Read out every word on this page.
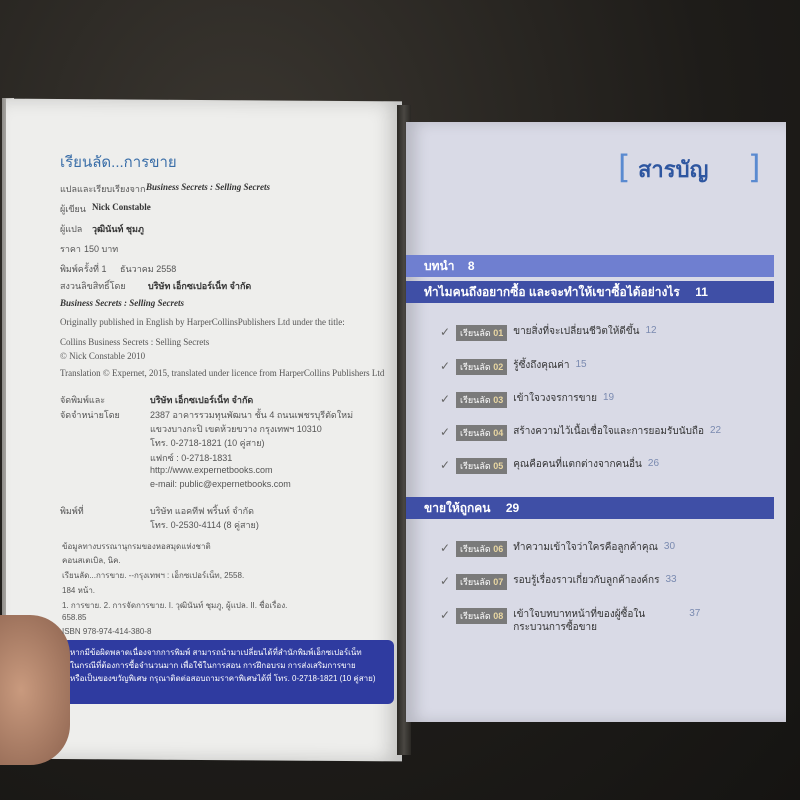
เรียนลัด...การขาย
แปลและเรียบเรียงจาก Business Secrets : Selling Secrets
ผู้เขียน Nick Constable
ผู้แปล วุฒินันท์ ชุมภู
ราคา 150 บาท
พิมพ์ครั้งที่ 1 ธันวาคม 2558
สงวนลิขสิทธิ์โดย บริษัท เอ็กซเปอร์เน็ท จำกัด
Business Secrets : Selling Secrets
Originally published in English by HarperCollinsPublishers Ltd under the title:
Collins Business Secrets : Selling Secrets
© Nick Constable 2010
Translation © Expernet, 2015, translated under licence from HarperCollins Publishers Ltd
จัดพิมพ์และ
จัดจำหน่ายโดย
บริษัท เอ็กซเปอร์เน็ท จำกัด
2387 อาคารรวมทุนพัฒนา ชั้น 4 ถนนเพชรบุรีตัดใหม่
แขวงบางกะปิ เขตห้วยขวาง กรุงเทพฯ 10310
โทร. 0-2718-1821 (10 คู่สาย)
แฟกซ์ : 0-2718-1831
http://www.expernetbooks.com
e-mail: public@expernetbooks.com
พิมพ์ที่	บริษัท แอคทีฟ พริ้นท์ จำกัด
โทร. 0-2530-4114 (8 คู่สาย)
ข้อมูลทางบรรณานุกรมของหอสมุดแห่งชาติ
คอนสเตเบิล, นิค.
เรียนลัด...การขาย. --กรุงเทพฯ : เอ็กซเปอร์เน็ท, 2558.
184 หน้า.
1. การขาย. 2. การจัดการขาย. I. วุฒินันท์ ชุมภู, ผู้แปล. II. ชื่อเรื่อง.
658.85
ISBN 978-974-414-380-8
หากมีข้อผิดพลาดเนื่องจากการพิมพ์ สามารถนำมาเปลี่ยนได้ที่สำนักพิมพ์เอ็กซเปอร์เน็ท
ในกรณีที่ต้องการซื้อจำนวนมาก เพื่อใช้ในการสอน การฝึกอบรม การส่งเสริมการขาย
หรือเป็นของขวัญพิเศษ กรุณาติดต่อสอบถามราคาพิเศษได้ที่ โทร. 0-2718-1821 (10 คู่สาย)
[ สารบัญ ]
บทนำ 8
ทำไมคนถึงอยากซื้อ และจะทำให้เขาซื้อได้อย่างไร 11
✓	เรียนลัด 01	ขายสิ่งที่จะเปลี่ยนชีวิตให้ดีขึ้น 12
✓	เรียนลัด 02	รู้ซึ้งถึงคุณค่า 15
✓	เรียนลัด 03	เข้าใจวงจรการขาย 19
✓	เรียนลัด 04	สร้างความไว้เนื้อเชื่อใจและการยอมรับนับถือ 22
✓	เรียนลัด 05	คุณคือคนที่แตกต่างจากคนอื่น 26
ขายให้ถูกคน 29
✓	เรียนลัด 06	ทำความเข้าใจว่าใครคือลูกค้าคุณ 30
✓	เรียนลัด 07	รอบรู้เรื่องราวเกี่ยวกับลูกค้าองค์กร 33
✓	เรียนลัด 08	เข้าใจบทบาทหน้าที่ของผู้ซื้อในกระบวนการซื้อขาย
37
